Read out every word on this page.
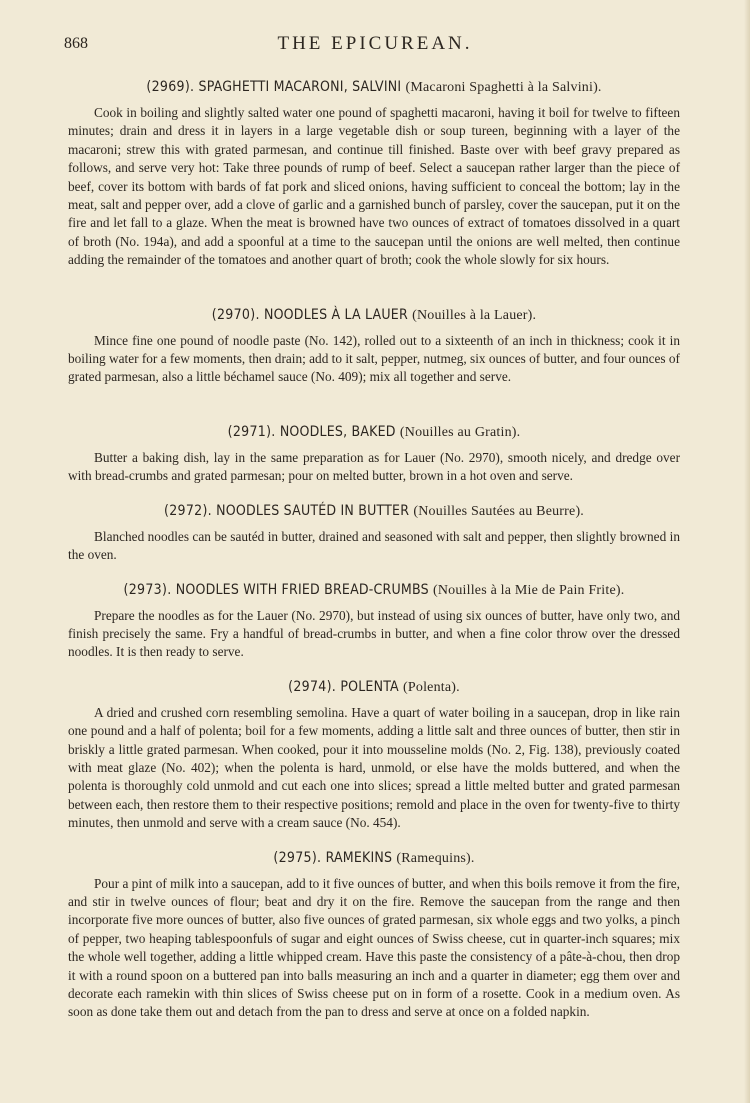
868	THE EPICUREAN.
(2969). SPAGHETTI MACARONI, SALVINI (Macaroni Spaghetti à la Salvini).

Cook in boiling and slightly salted water one pound of spaghetti macaroni, having it boil for twelve to fifteen minutes; drain and dress it in layers in a large vegetable dish or soup tureen, beginning with a layer of the macaroni; strew this with grated parmesan, and continue till finished. Baste over with beef gravy prepared as follows, and serve very hot: Take three pounds of rump of beef. Select a saucepan rather larger than the piece of beef, cover its bottom with bards of fat pork and sliced onions, having sufficient to conceal the bottom; lay in the meat, salt and pepper over, add a clove of garlic and a garnished bunch of parsley, cover the saucepan, put it on the fire and let fall to a glaze. When the meat is browned have two ounces of extract of tomatoes dissolved in a quart of broth (No. 194a), and add a spoonful at a time to the saucepan until the onions are well melted, then continue adding the remainder of the tomatoes and another quart of broth; cook the whole slowly for six hours.

(2970). NOODLES À LA LAUER (Nouilles à la Lauer).

Mince fine one pound of noodle paste (No. 142), rolled out to a sixteenth of an inch in thickness; cook it in boiling water for a few moments, then drain; add to it salt, pepper, nutmeg, six ounces of butter, and four ounces of grated parmesan, also a little béchamel sauce (No. 409); mix all together and serve.

(2971). NOODLES, BAKED (Nouilles au Gratin).

Butter a baking dish, lay in the same preparation as for Lauer (No. 2970), smooth nicely, and dredge over with bread-crumbs and grated parmesan; pour on melted butter, brown in a hot oven and serve.

(2972). NOODLES SAUTÉD IN BUTTER (Nouilles Sautées au Beurre).

Blanched noodles can be sautéd in butter, drained and seasoned with salt and pepper, then slightly browned in the oven.

(2973). NOODLES WITH FRIED BREAD-CRUMBS (Nouilles à la Mie de Pain Frite).

Prepare the noodles as for the Lauer (No. 2970), but instead of using six ounces of butter, have only two, and finish precisely the same. Fry a handful of bread-crumbs in butter, and when a fine color throw over the dressed noodles. It is then ready to serve.

(2974). POLENTA (Polenta).

A dried and crushed corn resembling semolina. Have a quart of water boiling in a saucepan, drop in like rain one pound and a half of polenta; boil for a few moments, adding a little salt and three ounces of butter, then stir in briskly a little grated parmesan. When cooked, pour it into mousseline molds (No. 2, Fig. 138), previously coated with meat glaze (No. 402); when the polenta is hard, unmold, or else have the molds buttered, and when the polenta is thoroughly cold unmold and cut each one into slices; spread a little melted butter and grated parmesan between each, then restore them to their respective positions; remold and place in the oven for twenty-five to thirty minutes, then unmold and serve with a cream sauce (No. 454).

(2975). RAMEKINS (Ramequins).

Pour a pint of milk into a saucepan, add to it five ounces of butter, and when this boils remove it from the fire, and stir in twelve ounces of flour; beat and dry it on the fire. Remove the saucepan from the range and then incorporate five more ounces of butter, also five ounces of grated parmesan, six whole eggs and two yolks, a pinch of pepper, two heaping tablespoonfuls of sugar and eight ounces of Swiss cheese, cut in quarter-inch squares; mix the whole well together, adding a little whipped cream. Have this paste the consistency of a pâte-à-chou, then drop it with a round spoon on a buttered pan into balls measuring an inch and a quarter in diameter; egg them over and decorate each ramekin with thin slices of Swiss cheese put on in form of a rosette. Cook in a medium oven. As soon as done take them out and detach from the pan to dress and serve at once on a folded napkin.
